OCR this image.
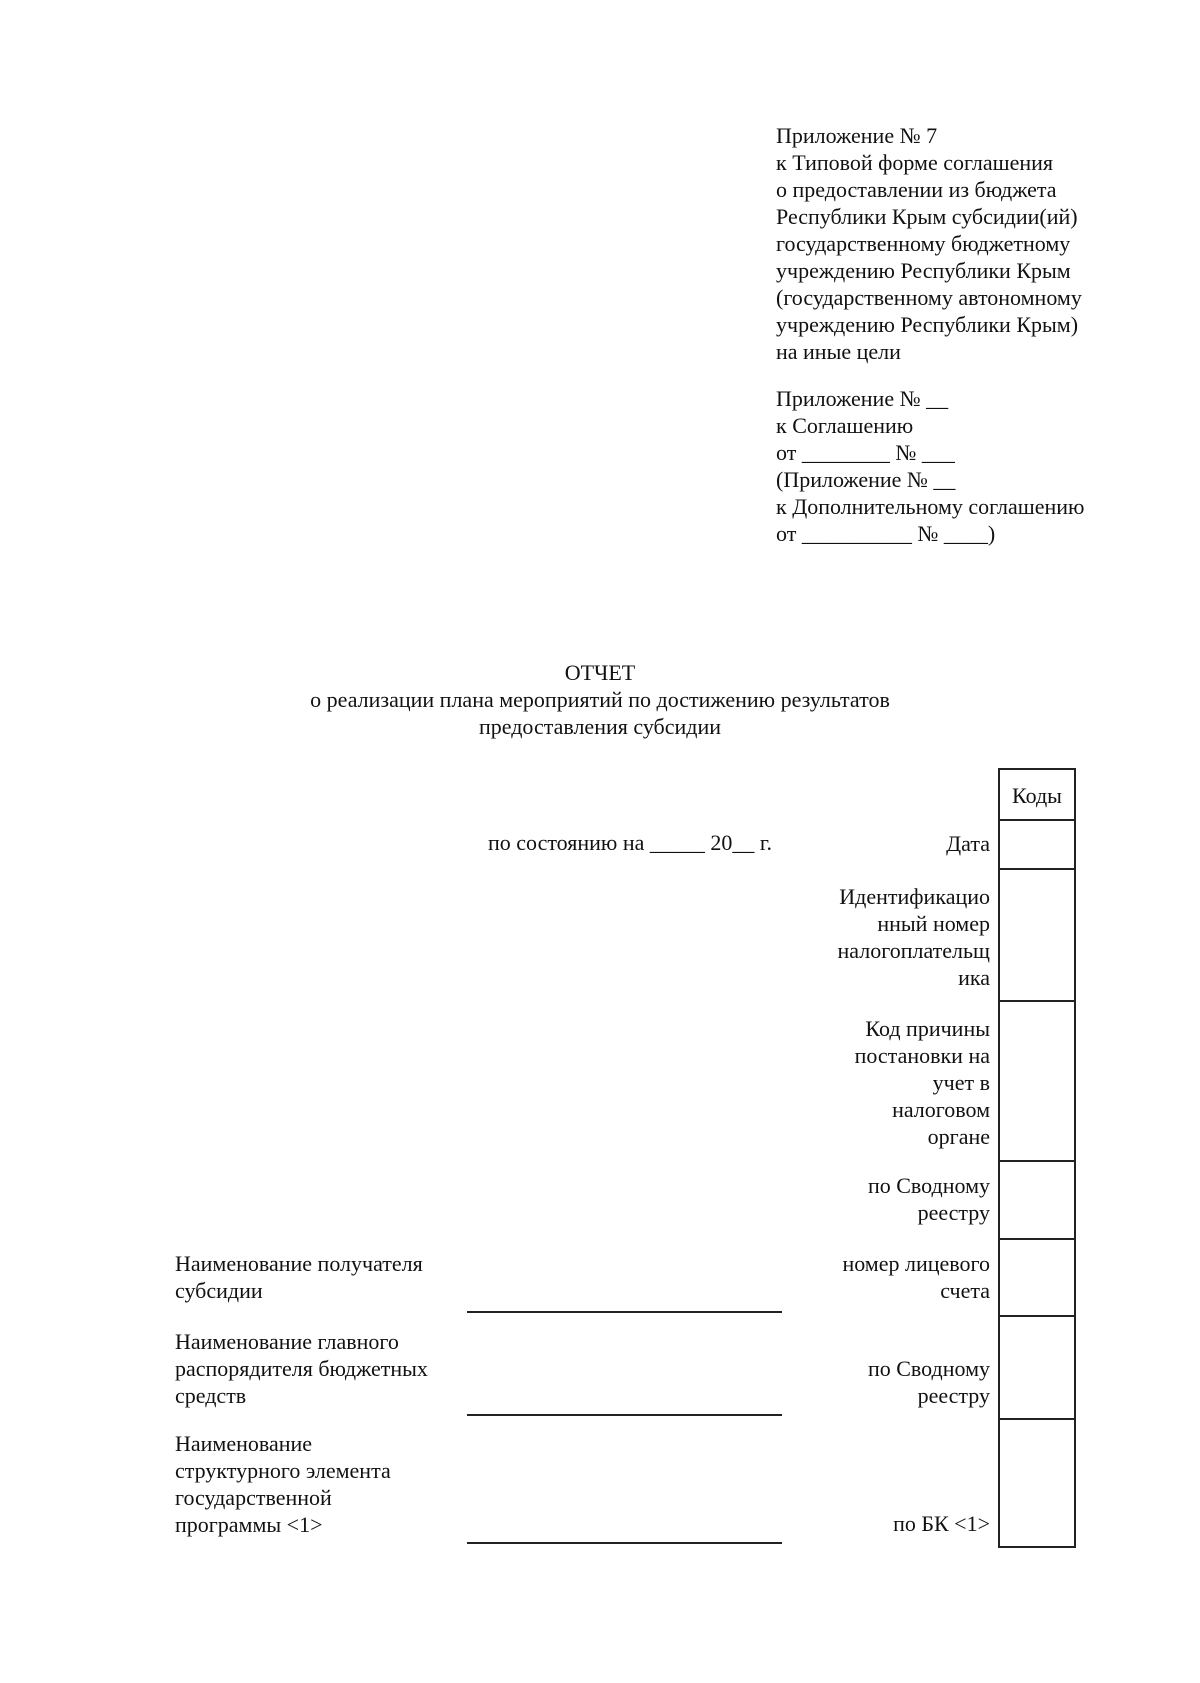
Приложение № 7
к Типовой форме соглашения
о предоставлении из бюджета
Республики Крым субсидии(ий)
государственному бюджетному
учреждению Республики Крым
(государственному автономному
учреждению Республики Крым)
на иные цели
Приложение № __
к Соглашению
от ________ № ___
(Приложение № __
к Дополнительному соглашению
от __________ № ____)
ОТЧЕТ
о реализации плана мероприятий по достижению результатов
предоставления субсидии
по состоянию на _____ 20__ г.
Коды
Дата
Идентификацио
нный номер
налогоплательщ
ика
Код причины
постановки на
учет в
налоговом
органе
по Сводному
реестру
номер лицевого
счета
по Сводному
реестру
по БК <1>
Наименование получателя
субсидии
Наименование главного
распорядителя бюджетных
средств
Наименование
структурного элемента
государственной
программы <1>
